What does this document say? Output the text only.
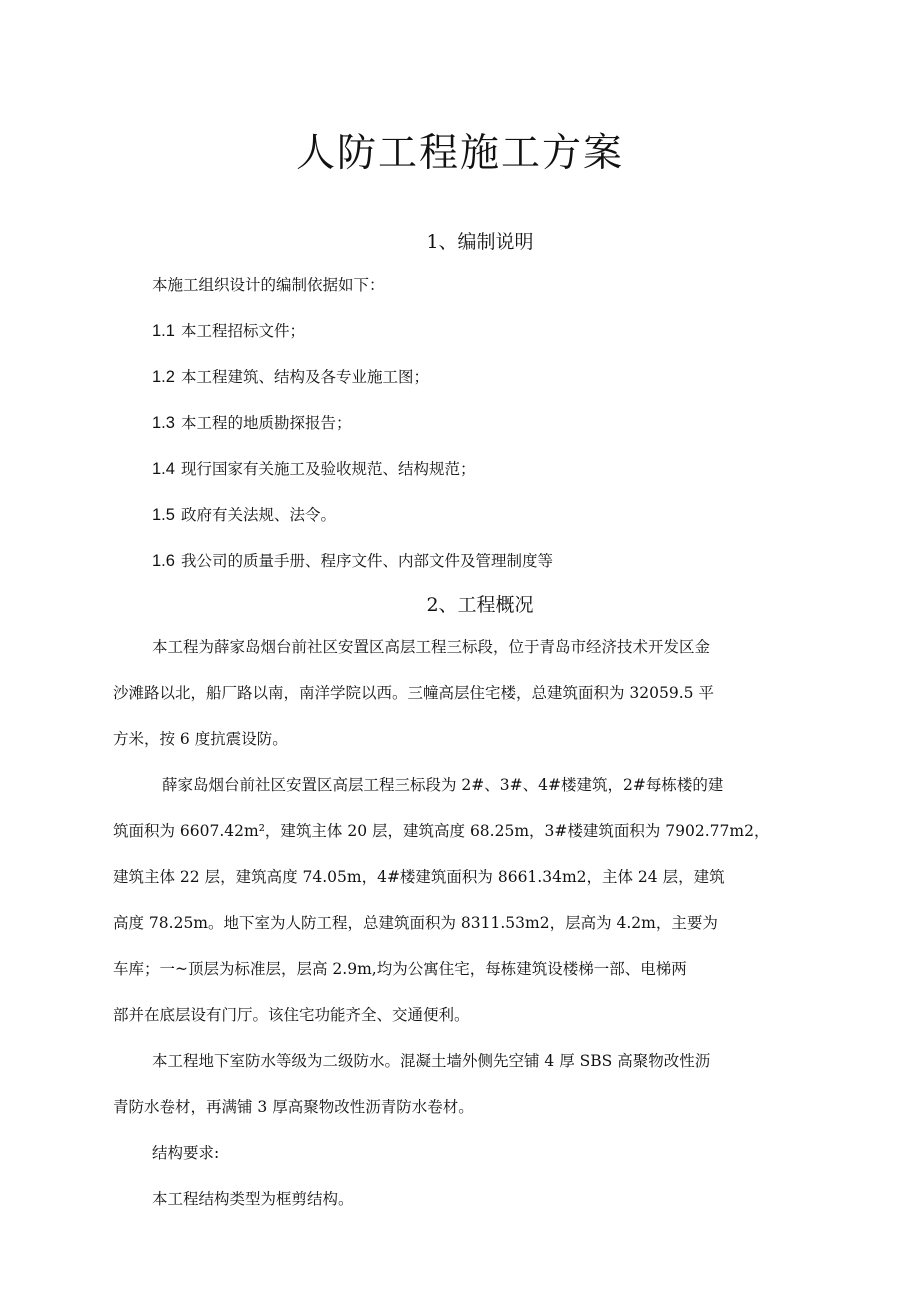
人防工程施工方案
1、编制说明
本施工组织设计的编制依据如下：
1.1 本工程招标文件；
1.2 本工程建筑、结构及各专业施工图；
1.3 本工程的地质勘探报告；
1.4 现行国家有关施工及验收规范、结构规范；
1.5 政府有关法规、法令。
1.6 我公司的质量手册、程序文件、内部文件及管理制度等
2、工程概况
本工程为薛家岛烟台前社区安置区高层工程三标段，位于青岛市经济技术开发区金
沙滩路以北，船厂路以南，南洋学院以西。三幢高层住宅楼，总建筑面积为 32059.5 平
方米，按 6 度抗震设防。
薛家岛烟台前社区安置区高层工程三标段为 2#、3#、4#楼建筑，2#每栋楼的建
筑面积为 6607.42m²，建筑主体 20 层，建筑高度 68.25m，3#楼建筑面积为 7902.77m2，
建筑主体 22 层，建筑高度 74.05m，4#楼建筑面积为 8661.34m2，主体 24 层，建筑
高度 78.25m。地下室为人防工程，总建筑面积为 8311.53m2，层高为 4.2m，主要为
车库；一~顶层为标准层，层高 2.9m,均为公寓住宅，每栋建筑设楼梯一部、电梯两
部并在底层设有门厅。该住宅功能齐全、交通便利。
本工程地下室防水等级为二级防水。混凝土墙外侧先空铺 4 厚 SBS 高聚物改性沥
青防水卷材，再满铺 3 厚高聚物改性沥青防水卷材。
结构要求:
本工程结构类型为框剪结构。
